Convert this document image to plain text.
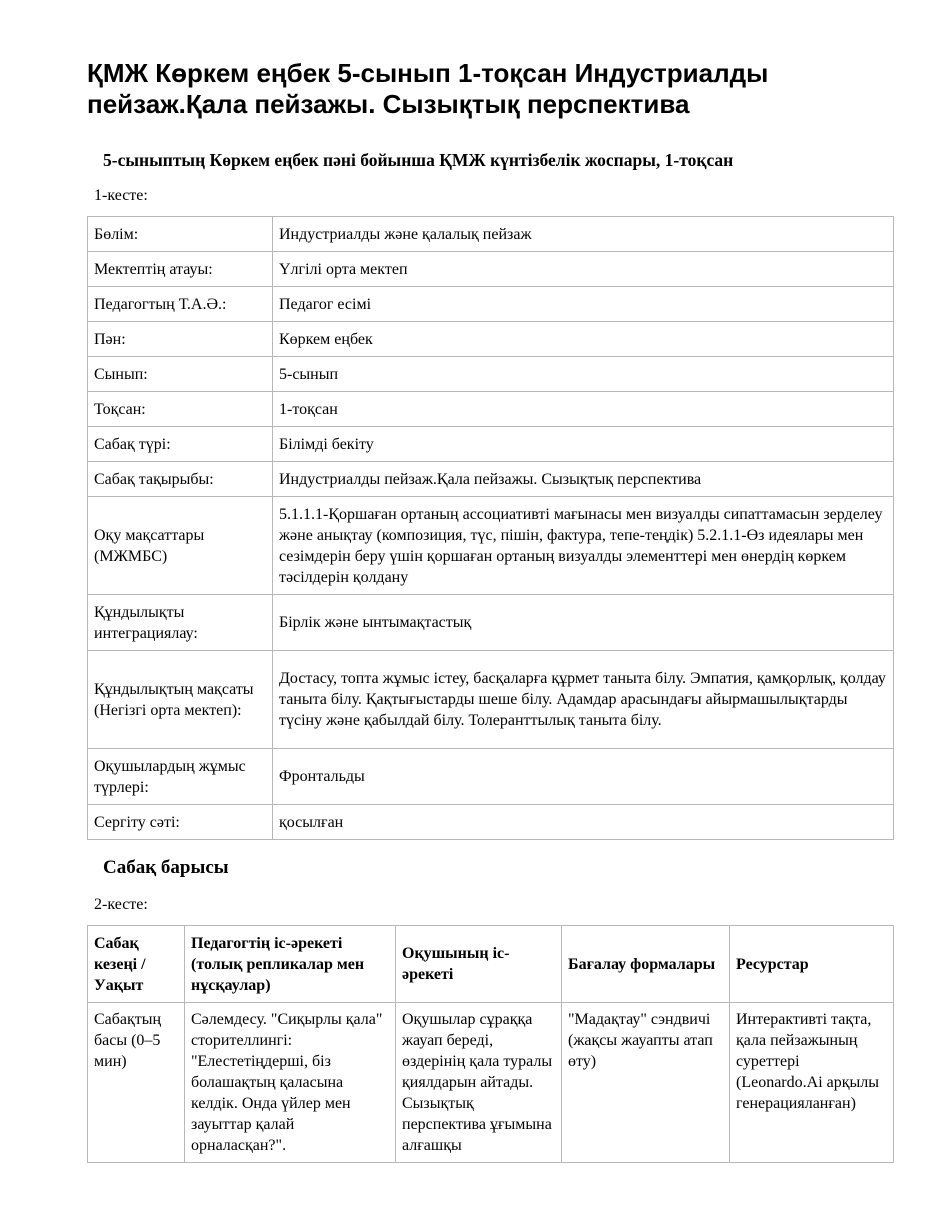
ҚМЖ Көркем еңбек 5-сынып 1-тоқсан Индустриалды пейзаж.Қала пейзажы. Сызықтық перспектива
5-сыныптың Көркем еңбек пәні бойынша ҚМЖ күнтізбелік жоспары, 1-тоқсан
1-кесте:
Бөлім:	Индустриалды және қалалық пейзаж
Мектептің атауы:	Үлгілі орта мектеп
Педагогтың Т.А.Ә.:	Педагог есімі
Пән:	Көркем еңбек
Сынып:	5-сынып
Тоқсан:	1-тоқсан
Сабақ түрі:	Білімді бекіту
Сабақ тақырыбы:	Индустриалды пейзаж.Қала пейзажы. Сызықтық перспектива
Оқу мақсаттары (МЖМБС)	5.1.1.1-Қоршаған ортаның ассоциативті мағынасы мен визуалды сипаттамасын зерделеу және анықтау (композиция, түс, пішін, фактура, тепе-теңдік) 5.2.1.1-Өз идеялары мен сезімдерін беру үшін қоршаған ортаның визуалды элементтері мен өнердің көркем тәсілдерін қолдану
Құндылықты интеграциялау:	Бірлік және ынтымақтастық
Құндылықтың мақсаты (Негізгі орта мектеп):	Достасу, топта жұмыс істеу, басқаларға құрмет таныта білу. Эмпатия, қамқорлық, қолдау таныта білу. Қақтығыстарды шеше білу. Адамдар арасындағы айырмашылықтарды түсіну және қабылдай білу. Толеранттылық таныта білу.
Оқушылардың жұмыс түрлері:	Фронтальды
Сергіту сәті:	қосылған
Сабақ барысы
2-кесте:
Сабақ кезеңі / Уақыт	Педагогтің іс-әрекеті (толық репликалар мен нұсқаулар)	Оқушының іс-әрекеті	Бағалау формалары	Ресурстар
Сабақтың басы (0–5 мин)	Сәлемдесу. "Сиқырлы қала" сторителлингі: "Елестетіңдерші, біз болашақтың қаласына келдік. Онда үйлер мен зауыттар қалай орналасқан?".	Оқушылар сұраққа жауап береді, өздерінің қала туралы қиялдарын айтады. Сызықтық перспектива ұғымына алғашқы	"Мадақтау" сэндвичі (жақсы жауапты атап өту)	Интерактивті тақта, қала пейзажының суреттері (Leonardo.Ai арқылы генерацияланған)
